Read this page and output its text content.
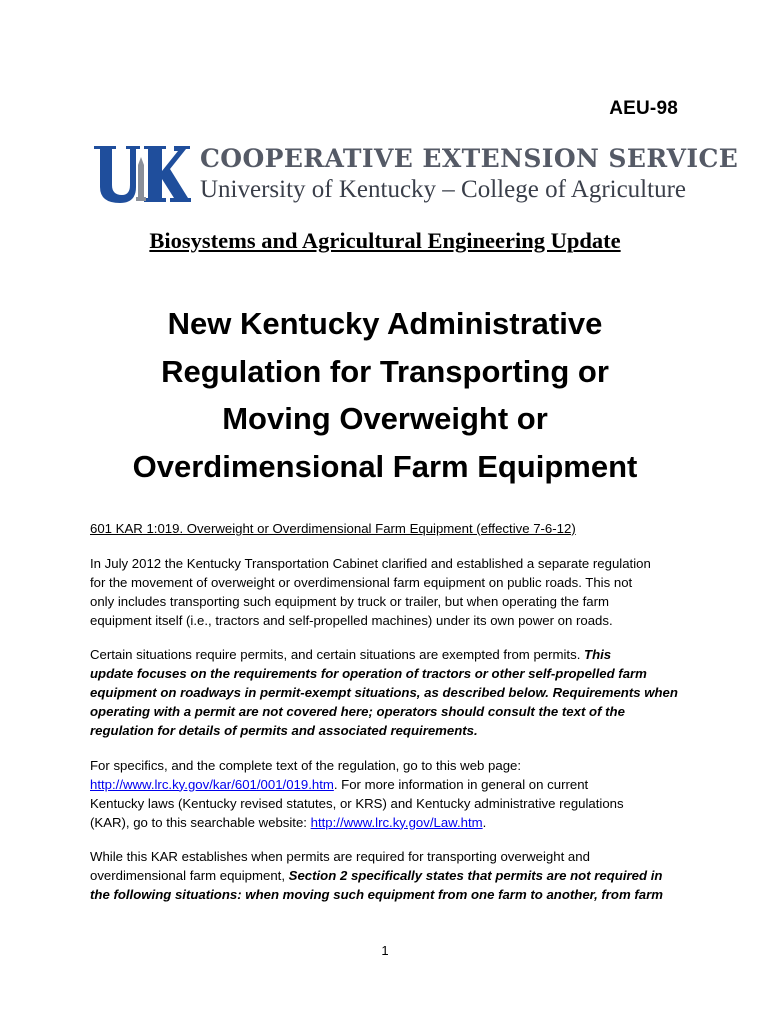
AEU-98
COOPERATIVE EXTENSION SERVICE
University of Kentucky – College of Agriculture
Biosystems and Agricultural Engineering Update
New Kentucky Administrative
Regulation for Transporting or
Moving Overweight or
Overdimensional Farm Equipment

601 KAR 1:019. Overweight or Overdimensional Farm Equipment (effective 7-6-12)

In July 2012 the Kentucky Transportation Cabinet clarified and established a separate regulation
for the movement of overweight or overdimensional farm equipment on public roads. This not
only includes transporting such equipment by truck or trailer, but when operating the farm
equipment itself (i.e., tractors and self-propelled machines) under its own power on roads.

Certain situations require permits, and certain situations are exempted from permits. This
update focuses on the requirements for operation of tractors or other self-propelled farm
equipment on roadways in permit-exempt situations, as described below. Requirements when
operating with a permit are not covered here; operators should consult the text of the
regulation for details of permits and associated requirements.

For specifics, and the complete text of the regulation, go to this web page:
http://www.lrc.ky.gov/kar/601/001/019.htm. For more information in general on current
Kentucky laws (Kentucky revised statutes, or KRS) and Kentucky administrative regulations
(KAR), go to this searchable website: http://www.lrc.ky.gov/Law.htm.

While this KAR establishes when permits are required for transporting overweight and
overdimensional farm equipment, Section 2 specifically states that permits are not required in
the following situations: when moving such equipment from one farm to another, from farm

1
